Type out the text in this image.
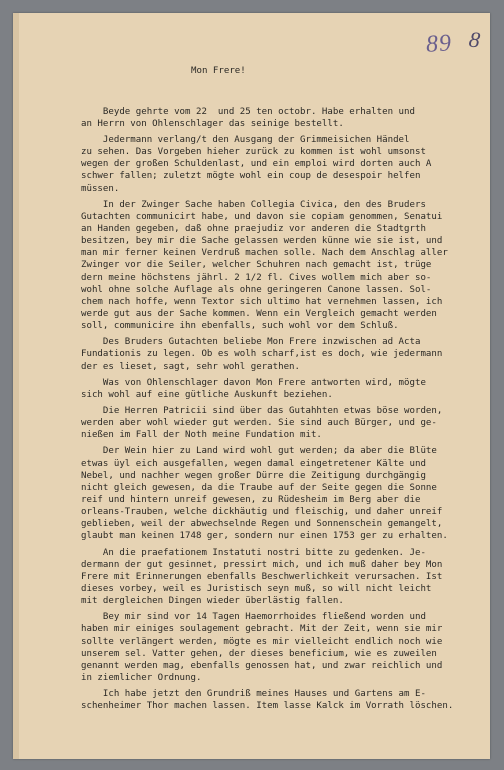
89 8

Mon Frere!

Beyde gehrte vom 22  und 25 ten octobr. Habe erhalten und
an Herrn von Ohlenschlager das seinige bestellt.
Jedermann verlang/t den Ausgang der Grimmeisichen Händel
zu sehen. Das Vorgeben hieher zurück zu kommen ist wohl umsonst
wegen der großen Schuldenlast, und ein emploi wird dorten auch A
schwer fallen; zuletzt mögte wohl ein coup de desespoir helfen
müssen.
In der Zwinger Sache haben Collegia Civica, den des Bruders
Gutachten communicirt habe, und davon sie copiam genommen, Senatui
an Handen gegeben, daß ohne praejudiz vor anderen die Stadtgrth
besitzen, bey mir die Sache gelassen werden künne wie sie ist, und
man mir ferner keinen Verdruß machen solle. Nach dem Anschlag aller
Zwinger vor die Seiler, welcher Schuhren nach gemacht ist, trüge
dern meine höchstens jährl. 2 1/2 fl. Cives wollem mich aber so-
wohl ohne solche Auflage als ohne geringeren Canone lassen. Sol-
chem nach hoffe, wenn Textor sich ultimo hat vernehmen lassen, ich
werde gut aus der Sache kommen. Wenn ein Vergleich gemacht werden
soll, communicire ihn ebenfalls, such wohl vor dem Schluß.
Des Bruders Gutachten beliebe Mon Frere inzwischen ad Acta
Fundationis zu legen. Ob es wolh scharf,ist es doch, wie jedermann
der es lieset, sagt, sehr wohl gerathen.
Was von Ohlenschlager davon Mon Frere antworten wird, mögte
sich wohl auf eine gütliche Auskunft beziehen.
Die Herren Patricii sind über das Gutahhten etwas böse worden,
werden aber wohl wieder gut werden. Sie sind auch Bürger, und ge-
nießen im Fall der Noth meine Fundation mit.
Der Wein hier zu Land wird wohl gut werden; da aber die Blüte
etwas üyl eich ausgefallen, wegen damal eingetretener Kälte und
Nebel, und nachher wegen großer Dürre die Zeitigung durchgängig
nicht gleich gewesen, da die Traube auf der Seite gegen die Sonne
reif und hintern unreif gewesen, zu Rüdesheim im Berg aber die
orleans-Trauben, welche dickhäutig und fleischig, und daher unreif
geblieben, weil der abwechselnde Regen und Sonnenschein gemangelt,
glaubt man keinen 1748 ger, sondern nur einen 1753 ger zu erhalten.
An die praefationem Instatuti nostri bitte zu gedenken. Je-
dermann der gut gesinnet, pressirt mich, und ich muß daher bey Mon
Frere mit Erinnerungen ebenfalls Beschwerlichkeit verursachen. Ist
dieses vorbey, weil es Juristisch seyn muß, so will nicht leicht
mit dergleichen Dingen wieder überlästig fallen.
Bey mir sind vor 14 Tagen Haemorrhoides fließend worden und
haben mir einiges soulagement gebracht. Mit der Zeit, wenn sie mir
sollte verlängert werden, mögte es mir vielleicht endlich noch wie
unserem sel. Vatter gehen, der dieses beneficium, wie es zuweilen
genannt werden mag, ebenfalls genossen hat, und zwar reichlich und
in ziemlicher Ordnung.
Ich habe jetzt den Grundriß meines Hauses und Gartens am E-
schenheimer Thor machen lassen. Item lasse Kalck im Vorrath löschen.
